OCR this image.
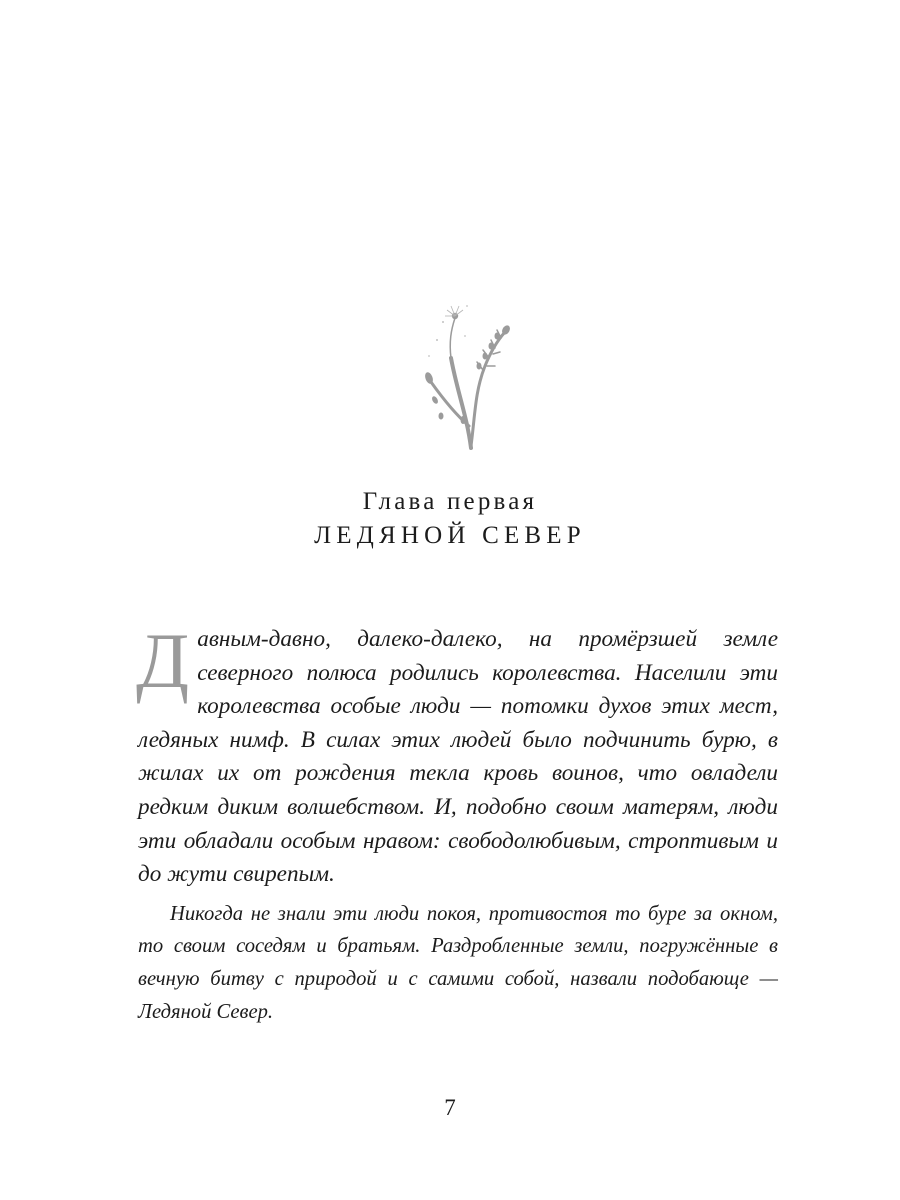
Глава первая
ЛЕДЯНОЙ СЕВЕР

Давным-давно, далеко-далеко, на промёрзшей земле северного полюса родились королевства. Населили эти королевства особые люди — потомки духов этих мест, ледяных нимф. В силах этих людей было подчинить бурю, в жилах их от рождения текла кровь воинов, что овладели редким диким волшебством. И, подобно своим матерям, люди эти обладали особым нравом: свободолюбивым, строптивым и до жути свирепым.

Никогда не знали эти люди покоя, противостоя то буре за окном, то своим соседям и братьям. Раздробленные земли, погружённые в вечную битву с природой и с самими собой, назвали подобающе — Ледяной Север.

7
